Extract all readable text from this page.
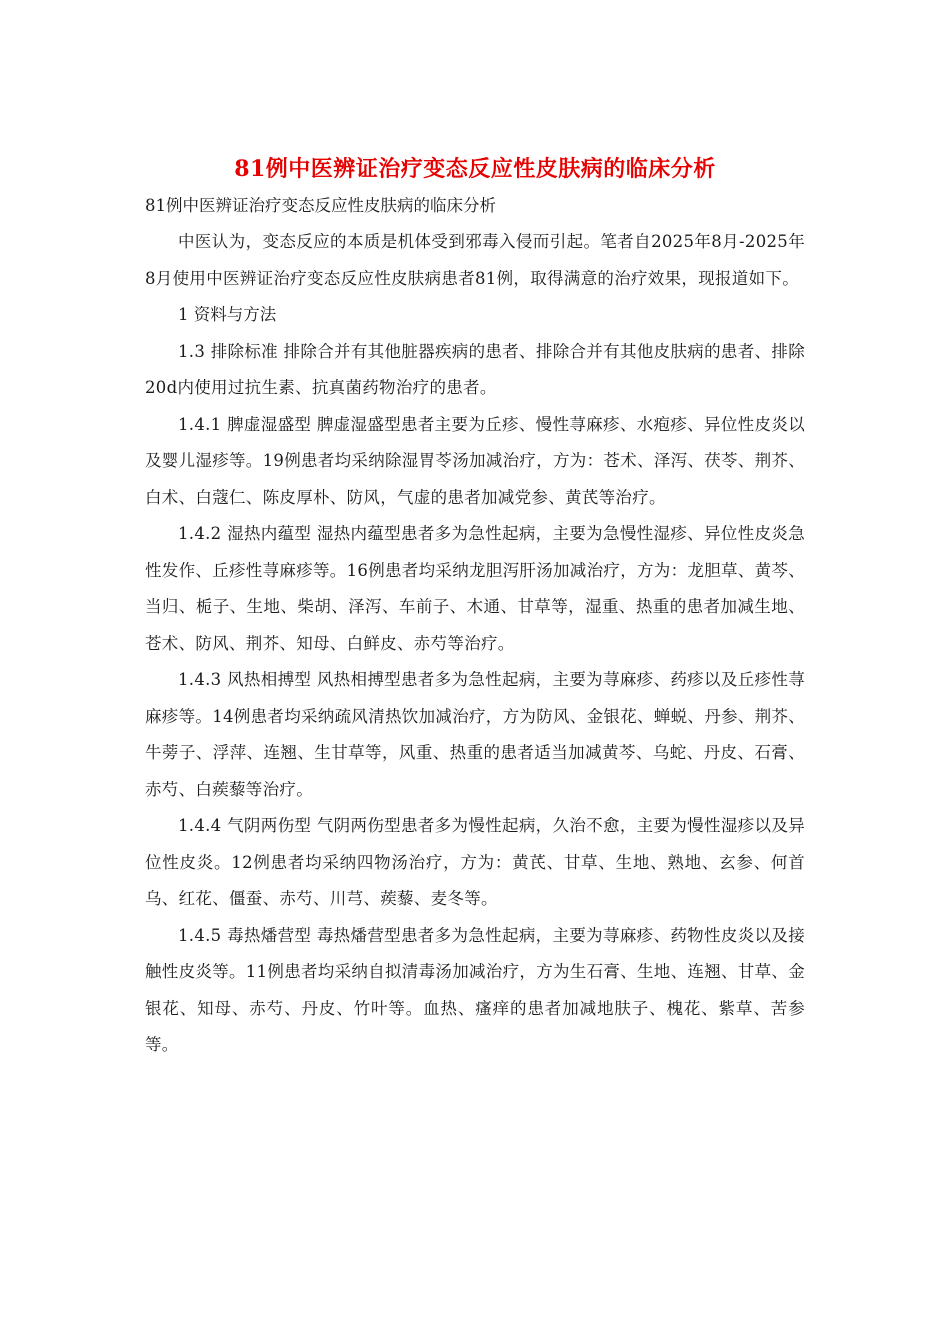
81例中医辨证治疗变态反应性皮肤病的临床分析

81例中医辨证治疗变态反应性皮肤病的临床分析

中医认为，变态反应的本质是机体受到邪毒入侵而引起。笔者自2025年8月-2025年8月使用中医辨证治疗变态反应性皮肤病患者81例，取得满意的治疗效果，现报道如下。

1 资料与方法

1.3 排除标准 排除合并有其他脏器疾病的患者、排除合并有其他皮肤病的患者、排除20d内使用过抗生素、抗真菌药物治疗的患者。

1.4.1 脾虚湿盛型 脾虚湿盛型患者主要为丘疹、慢性荨麻疹、水疱疹、异位性皮炎以及婴儿湿疹等。19例患者均采纳除湿胃苓汤加减治疗，方为：苍术、泽泻、茯苓、荆芥、白术、白蔻仁、陈皮厚朴、防风，气虚的患者加减党参、黄芪等治疗。

1.4.2 湿热内蕴型 湿热内蕴型患者多为急性起病，主要为急慢性湿疹、异位性皮炎急性发作、丘疹性荨麻疹等。16例患者均采纳龙胆泻肝汤加减治疗，方为：龙胆草、黄芩、当归、栀子、生地、柴胡、泽泻、车前子、木通、甘草等，湿重、热重的患者加减生地、苍术、防风、荆芥、知母、白鲜皮、赤芍等治疗。

1.4.3 风热相搏型 风热相搏型患者多为急性起病，主要为荨麻疹、药疹以及丘疹性荨麻疹等。14例患者均采纳疏风清热饮加减治疗，方为防风、金银花、蝉蜕、丹参、荆芥、牛蒡子、浮萍、连翘、生甘草等，风重、热重的患者适当加减黄芩、乌蛇、丹皮、石膏、赤芍、白蒺藜等治疗。

1.4.4 气阴两伤型 气阴两伤型患者多为慢性起病，久治不愈，主要为慢性湿疹以及异位性皮炎。12例患者均采纳四物汤治疗，方为：黄芪、甘草、生地、熟地、玄参、何首乌、红花、僵蚕、赤芍、川芎、蒺藜、麦冬等。

1.4.5 毒热燔营型 毒热燔营型患者多为急性起病，主要为荨麻疹、药物性皮炎以及接触性皮炎等。11例患者均采纳自拟清毒汤加减治疗，方为生石膏、生地、连翘、甘草、金银花、知母、赤芍、丹皮、竹叶等。血热、瘙痒的患者加减地肤子、槐花、紫草、苦参等。
